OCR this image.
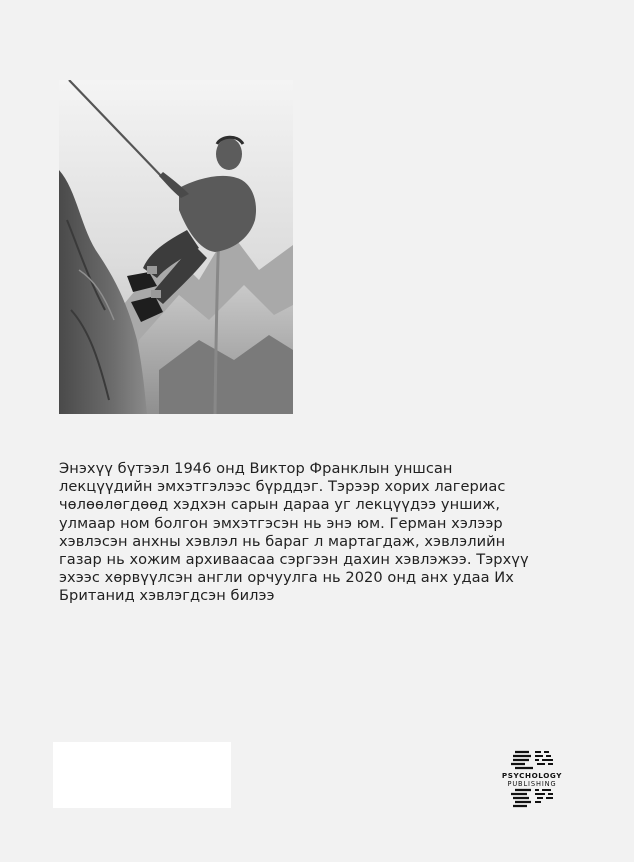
Энэхүү бүтээл 1946 онд Виктор Франклын уншсан
лекцүүдийн эмхэтгэлээс бүрддэг. Тэрээр хорих лагериас
чөлөөлөгдөөд хэдхэн сарын дараа уг лекцүүдээ уншиж,
улмаар ном болгон эмхэтгэсэн нь энэ юм. Герман хэлээр
хэвлэсэн анхны хэвлэл нь бараг л мартагдаж, хэвлэлийн
газар нь хожим архиваасаа сэргээн дахин хэвлэжээ. Тэрхүү
эхээс хөрвүүлсэн англи орчуулга нь 2020 онд анх удаа Их
Британид хэвлэгдсэн билээ

PSYCHOLOGY
PUBLISHING
